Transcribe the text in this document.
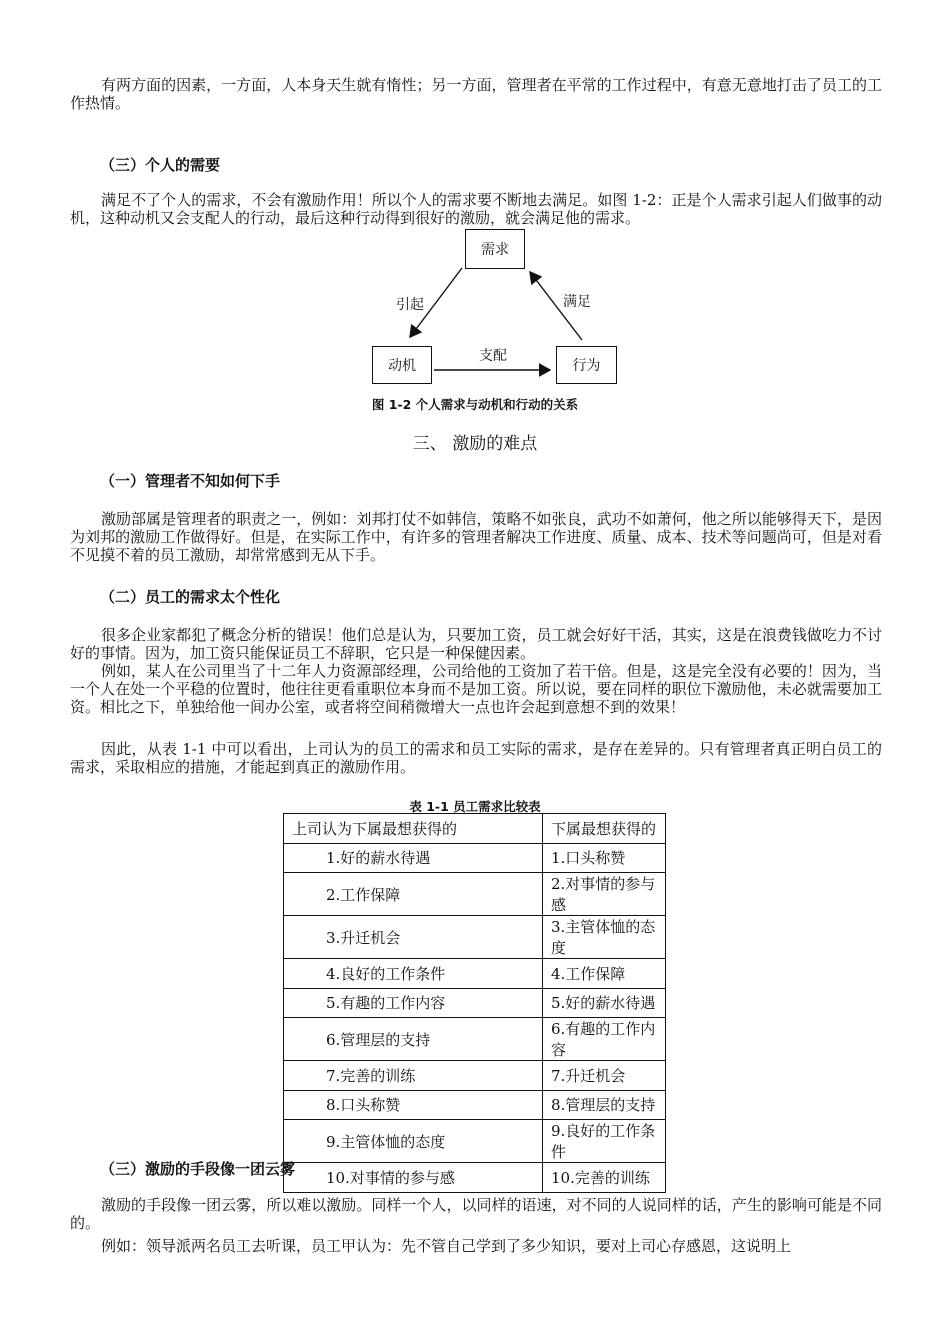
有两方面的因素，一方面，人本身天生就有惰性；另一方面，管理者在平常的工作过程中，有意无意地打击了员工的工作热情。

（三）个人的需要

满足不了个人的需求，不会有激励作用！所以个人的需求要不断地去满足。如图 1-2：正是个人需求引起人们做事的动机，这种动机又会支配人的行动，最后这种行动得到很好的激励，就会满足他的需求。

需求
动机	行为
引起	满足
支配

图 1-2 个人需求与动机和行动的关系

三、 激励的难点

（一）管理者不知如何下手

激励部属是管理者的职责之一，例如：刘邦打仗不如韩信，策略不如张良，武功不如萧何，他之所以能够得天下，是因为刘邦的激励工作做得好。但是，在实际工作中，有许多的管理者解决工作进度、质量、成本、技术等问题尚可，但是对看不见摸不着的员工激励，却常常感到无从下手。

（二）员工的需求太个性化

很多企业家都犯了概念分析的错误！他们总是认为，只要加工资，员工就会好好干活，其实，这是在浪费钱做吃力不讨好的事情。因为，加工资只能保证员工不辞职，它只是一种保健因素。

例如，某人在公司里当了十二年人力资源部经理，公司给他的工资加了若干倍。但是，这是完全没有必要的！因为，当一个人在处一个平稳的位置时，他往往更看重职位本身而不是加工资。所以说，要在同样的职位下激励他，未必就需要加工资。相比之下，单独给他一间办公室，或者将空间稍微增大一点也许会起到意想不到的效果！

因此，从表 1-1 中可以看出，上司认为的员工的需求和员工实际的需求，是存在差异的。只有管理者真正明白员工的需求，采取相应的措施，才能起到真正的激励作用。

表 1-1 员工需求比较表

上司认为下属最想获得的	下属最想获得的
1.好的薪水待遇	1.口头称赞
2.工作保障	2.对事情的参与感
3.升迁机会	3.主管体恤的态度
4.良好的工作条件	4.工作保障
5.有趣的工作内容	5.好的薪水待遇
6.管理层的支持	6.有趣的工作内容
7.完善的训练	7.升迁机会
8.口头称赞	8.管理层的支持
9.主管体恤的态度	9.良好的工作条件
10.对事情的参与感	10.完善的训练

（三）激励的手段像一团云雾

激励的手段像一团云雾，所以难以激励。同样一个人，以同样的语速，对不同的人说同样的话，产生的影响可能是不同的。

例如：领导派两名员工去听课，员工甲认为：先不管自己学到了多少知识，要对上司心存感恩，这说明上
